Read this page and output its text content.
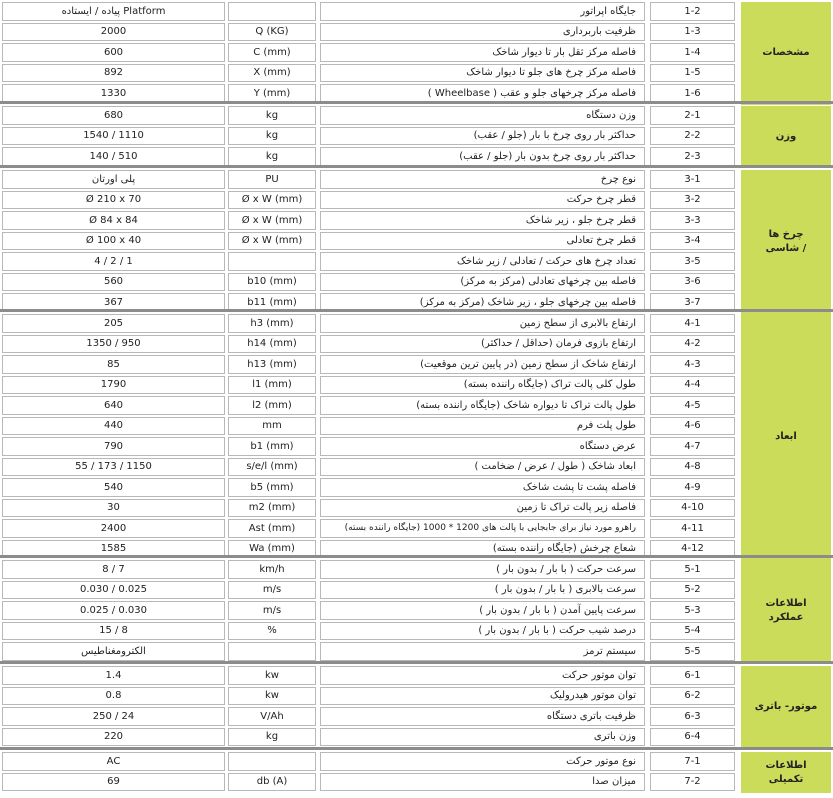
مشخصات
1-2
جایگاه اپراتور
پیاده / ایستاده Platform
1-3
ظرفیت باربرداری
Q (KG)
2000
1-4
فاصله مرکز ثقل بار تا دیوار شاخک
C (mm)
600
1-5
فاصله مرکز چرخ های جلو تا دیوار شاخک
X (mm)
892
1-6
فاصله مرکز چرخهای جلو و عقب ( Wheelbase )
Y (mm)
1330
وزن
2-1
وزن دستگاه
kg
680
2-2
حداکثر بار روی چرخ با بار (جلو / عقب)
kg
1540 / 1110
2-3
حداکثر بار روی چرخ بدون بار (جلو / عقب)
kg
140 / 510
چرخ ها
/ شاسی
3-1
نوع چرخ
PU
پلی اورتان
3-2
قطر چرخ حرکت
Ø x W (mm)
Ø 210 x 70
3-3
قطر چرخ جلو ، زیر شاخک
Ø x W (mm)
Ø 84 x 84
3-4
قطر چرخ تعادلی
Ø x W (mm)
Ø 100 x 40
3-5
تعداد چرخ های حرکت / تعادلی / زیر شاخک
4 / 2 / 1
3-6
فاصله بین چرخهای تعادلی (مرکز به مرکز)
b10 (mm)
560
3-7
فاصله بین چرخهای جلو ، زیر شاخک (مرکز به مرکز)
b11 (mm)
367
ابعاد
4-1
ارتفاع بالابری از سطح زمین
h3 (mm)
205
4-2
ارتفاع بازوی فرمان (حداقل / حداکثر)
h14 (mm)
1350 / 950
4-3
ارتفاع شاخک از سطح زمین (در پایین ترین موقعیت)
h13 (mm)
85
4-4
طول کلی پالت تراک (جایگاه راننده بسته)
l1 (mm)
1790
4-5
طول پالت تراک تا دیواره شاخک (جایگاه راننده بسته)
l2 (mm)
640
4-6
طول پلت فرم
mm
440
4-7
عرض دستگاه
b1 (mm)
790
4-8
ابعاد شاخک ( طول / عرض / ضخامت )
s/e/l (mm)
55 / 173 / 1150
4-9
فاصله پشت تا پشت شاخک
b5 (mm)
540
4-10
فاصله زیر پالت تراک تا زمین
m2 (mm)
30
4-11
راهرو مورد نیاز برای جابجایی با پالت های 1200 * 1000 (جایگاه راننده بسته)
Ast (mm)
2400
4-12
شعاع چرخش (جایگاه راننده بسته)
Wa (mm)
1585
اطلاعات
عملکرد
5-1
سرعت حرکت ( با بار / بدون بار )
km/h
8 / 7
5-2
سرعت بالابری ( با بار / بدون بار )
m/s
0.030 / 0.025
5-3
سرعت پایین آمدن ( با بار / بدون بار )
m/s
0.025 / 0.030
5-4
درصد شیب حرکت ( با بار / بدون بار )
%
15 / 8
5-5
سیستم ترمز
الکترومغناطیس
موتور- باتری
6-1
توان موتور حرکت
kw
1.4
6-2
توان موتور هیدرولیک
kw
0.8
6-3
ظرفیت باتری دستگاه
V/Ah
250 / 24
6-4
وزن باتری
kg
220
اطلاعات
تکمیلی
7-1
نوع موتور حرکت
AC
7-2
میزان صدا
db (A)
69
